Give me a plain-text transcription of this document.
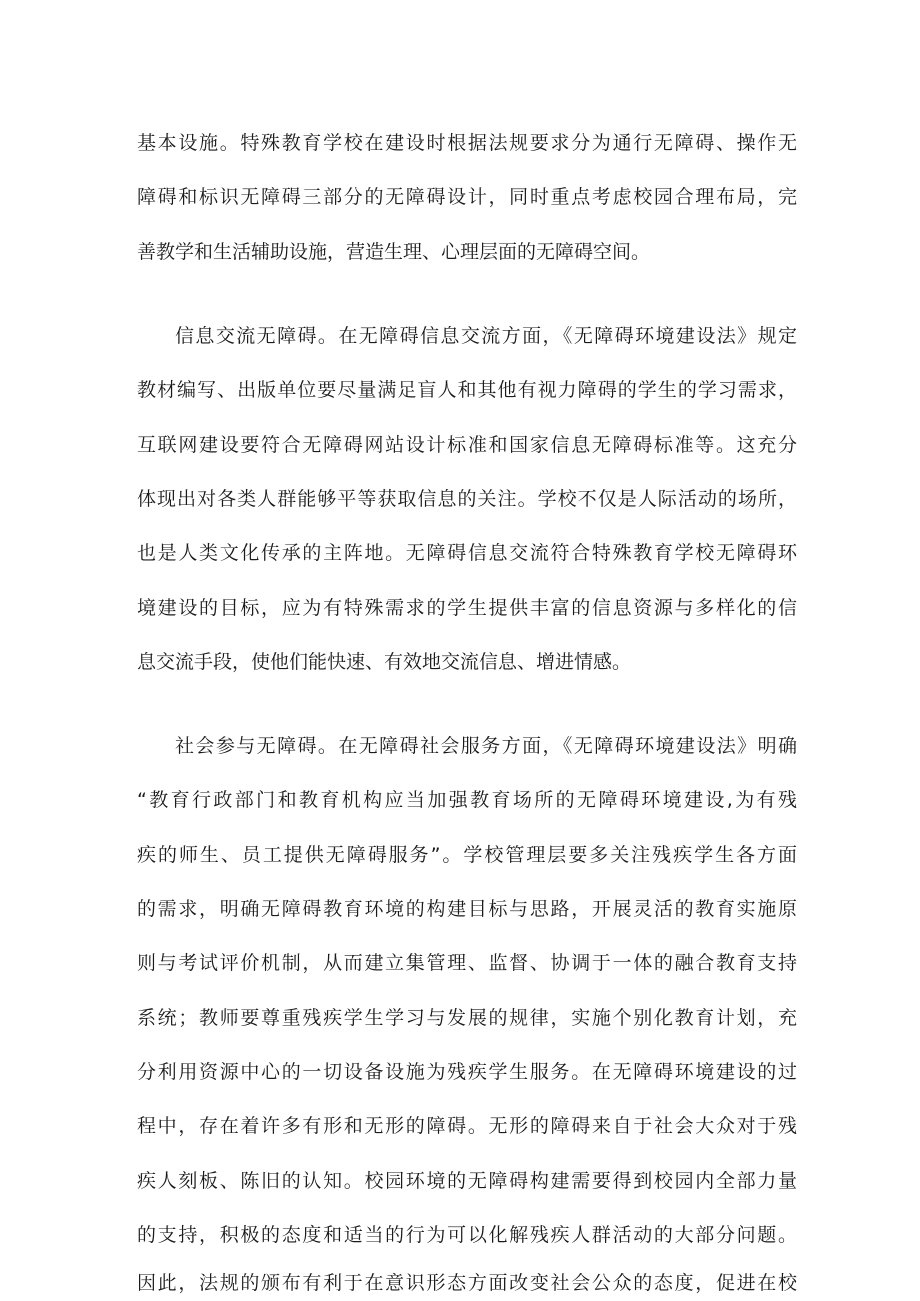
基本设施。特殊教育学校在建设时根据法规要求分为通行无障碍、操作无
障碍和标识无障碍三部分的无障碍设计，同时重点考虑校园合理布局，完
善教学和生活辅助设施，营造生理、心理层面的无障碍空间。
信息交流无障碍。在无障碍信息交流方面，《无障碍环境建设法》规定
教材编写、出版单位要尽量满足盲人和其他有视力障碍的学生的学习需求，
互联网建设要符合无障碍网站设计标准和国家信息无障碍标准等。这充分
体现出对各类人群能够平等获取信息的关注。学校不仅是人际活动的场所，
也是人类文化传承的主阵地。无障碍信息交流符合特殊教育学校无障碍环
境建设的目标，应为有特殊需求的学生提供丰富的信息资源与多样化的信
息交流手段，使他们能快速、有效地交流信息、增进情感。
社会参与无障碍。在无障碍社会服务方面，《无障碍环境建设法》明确
“教育行政部门和教育机构应当加强教育场所的无障碍环境建设,为有残
疾的师生、员工提供无障碍服务”。学校管理层要多关注残疾学生各方面
的需求，明确无障碍教育环境的构建目标与思路，开展灵活的教育实施原
则与考试评价机制，从而建立集管理、监督、协调于一体的融合教育支持
系统；教师要尊重残疾学生学习与发展的规律，实施个别化教育计划，充
分利用资源中心的一切设备设施为残疾学生服务。在无障碍环境建设的过
程中，存在着许多有形和无形的障碍。无形的障碍来自于社会大众对于残
疾人刻板、陈旧的认知。校园环境的无障碍构建需要得到校园内全部力量
的支持，积极的态度和适当的行为可以化解残疾人群活动的大部分问题。
因此，法规的颁布有利于在意识形态方面改变社会公众的态度，促进在校
